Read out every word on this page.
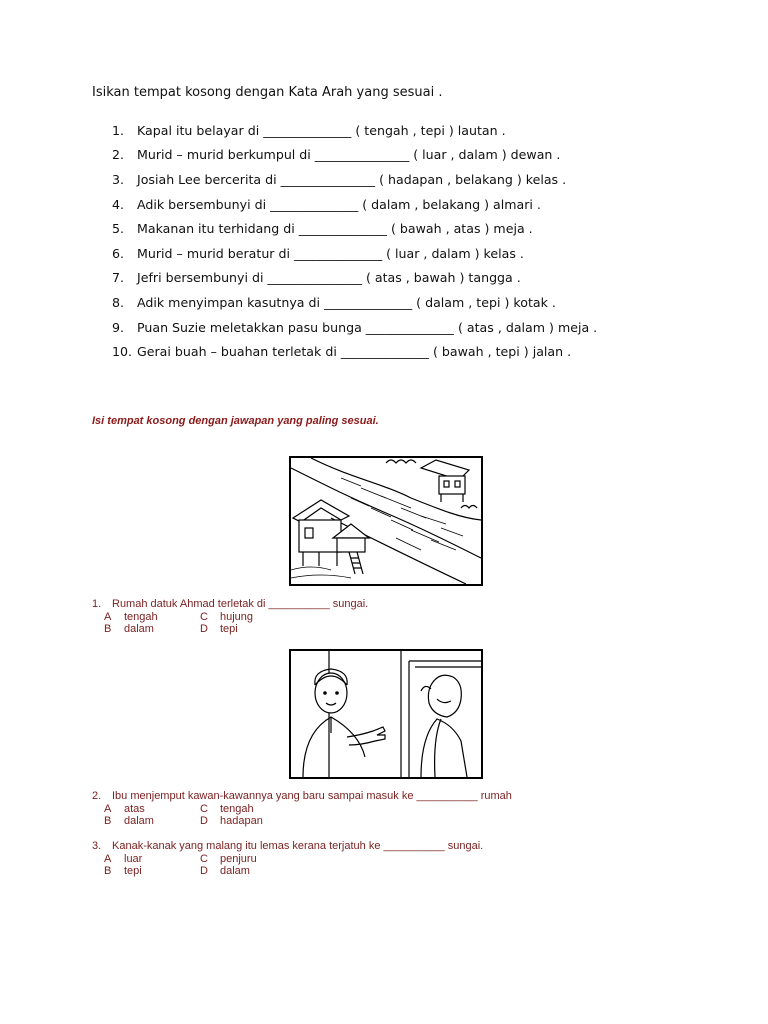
Isikan tempat kosong dengan Kata Arah yang sesuai .
1.	Kapal itu belayar di ______________ ( tengah , tepi ) lautan .
2.	Murid – murid berkumpul di _______________ ( luar , dalam ) dewan .
3.	Josiah Lee bercerita di _______________ ( hadapan , belakang ) kelas .
4.	Adik bersembunyi di ______________ ( dalam , belakang ) almari .
5.	Makanan itu terhidang di ______________ ( bawah , atas ) meja .
6.	Murid – murid beratur di ______________ ( luar , dalam ) kelas .
7.	Jefri bersembunyi di _______________ ( atas , bawah ) tangga .
8.	Adik menyimpan kasutnya di ______________ ( dalam , tepi ) kotak .
9.	Puan Suzie meletakkan pasu bunga ______________ ( atas , dalam ) meja .
10. Gerai buah – buahan terletak di ______________ ( bawah , tepi ) jalan .
Isi tempat kosong dengan jawapan yang paling sesuai.
1. Rumah datuk Ahmad terletak di __________ sungai.
A	tengah	C	hujung
B	dalam	D	tepi
2. Ibu menjemput kawan-kawannya yang baru sampai masuk ke __________ rumah
A	atas	C	tengah
B	dalam	D	hadapan
3. Kanak-kanak yang malang itu lemas kerana terjatuh ke __________ sungai.
A	luar	C	penjuru
B	tepi	D	dalam
